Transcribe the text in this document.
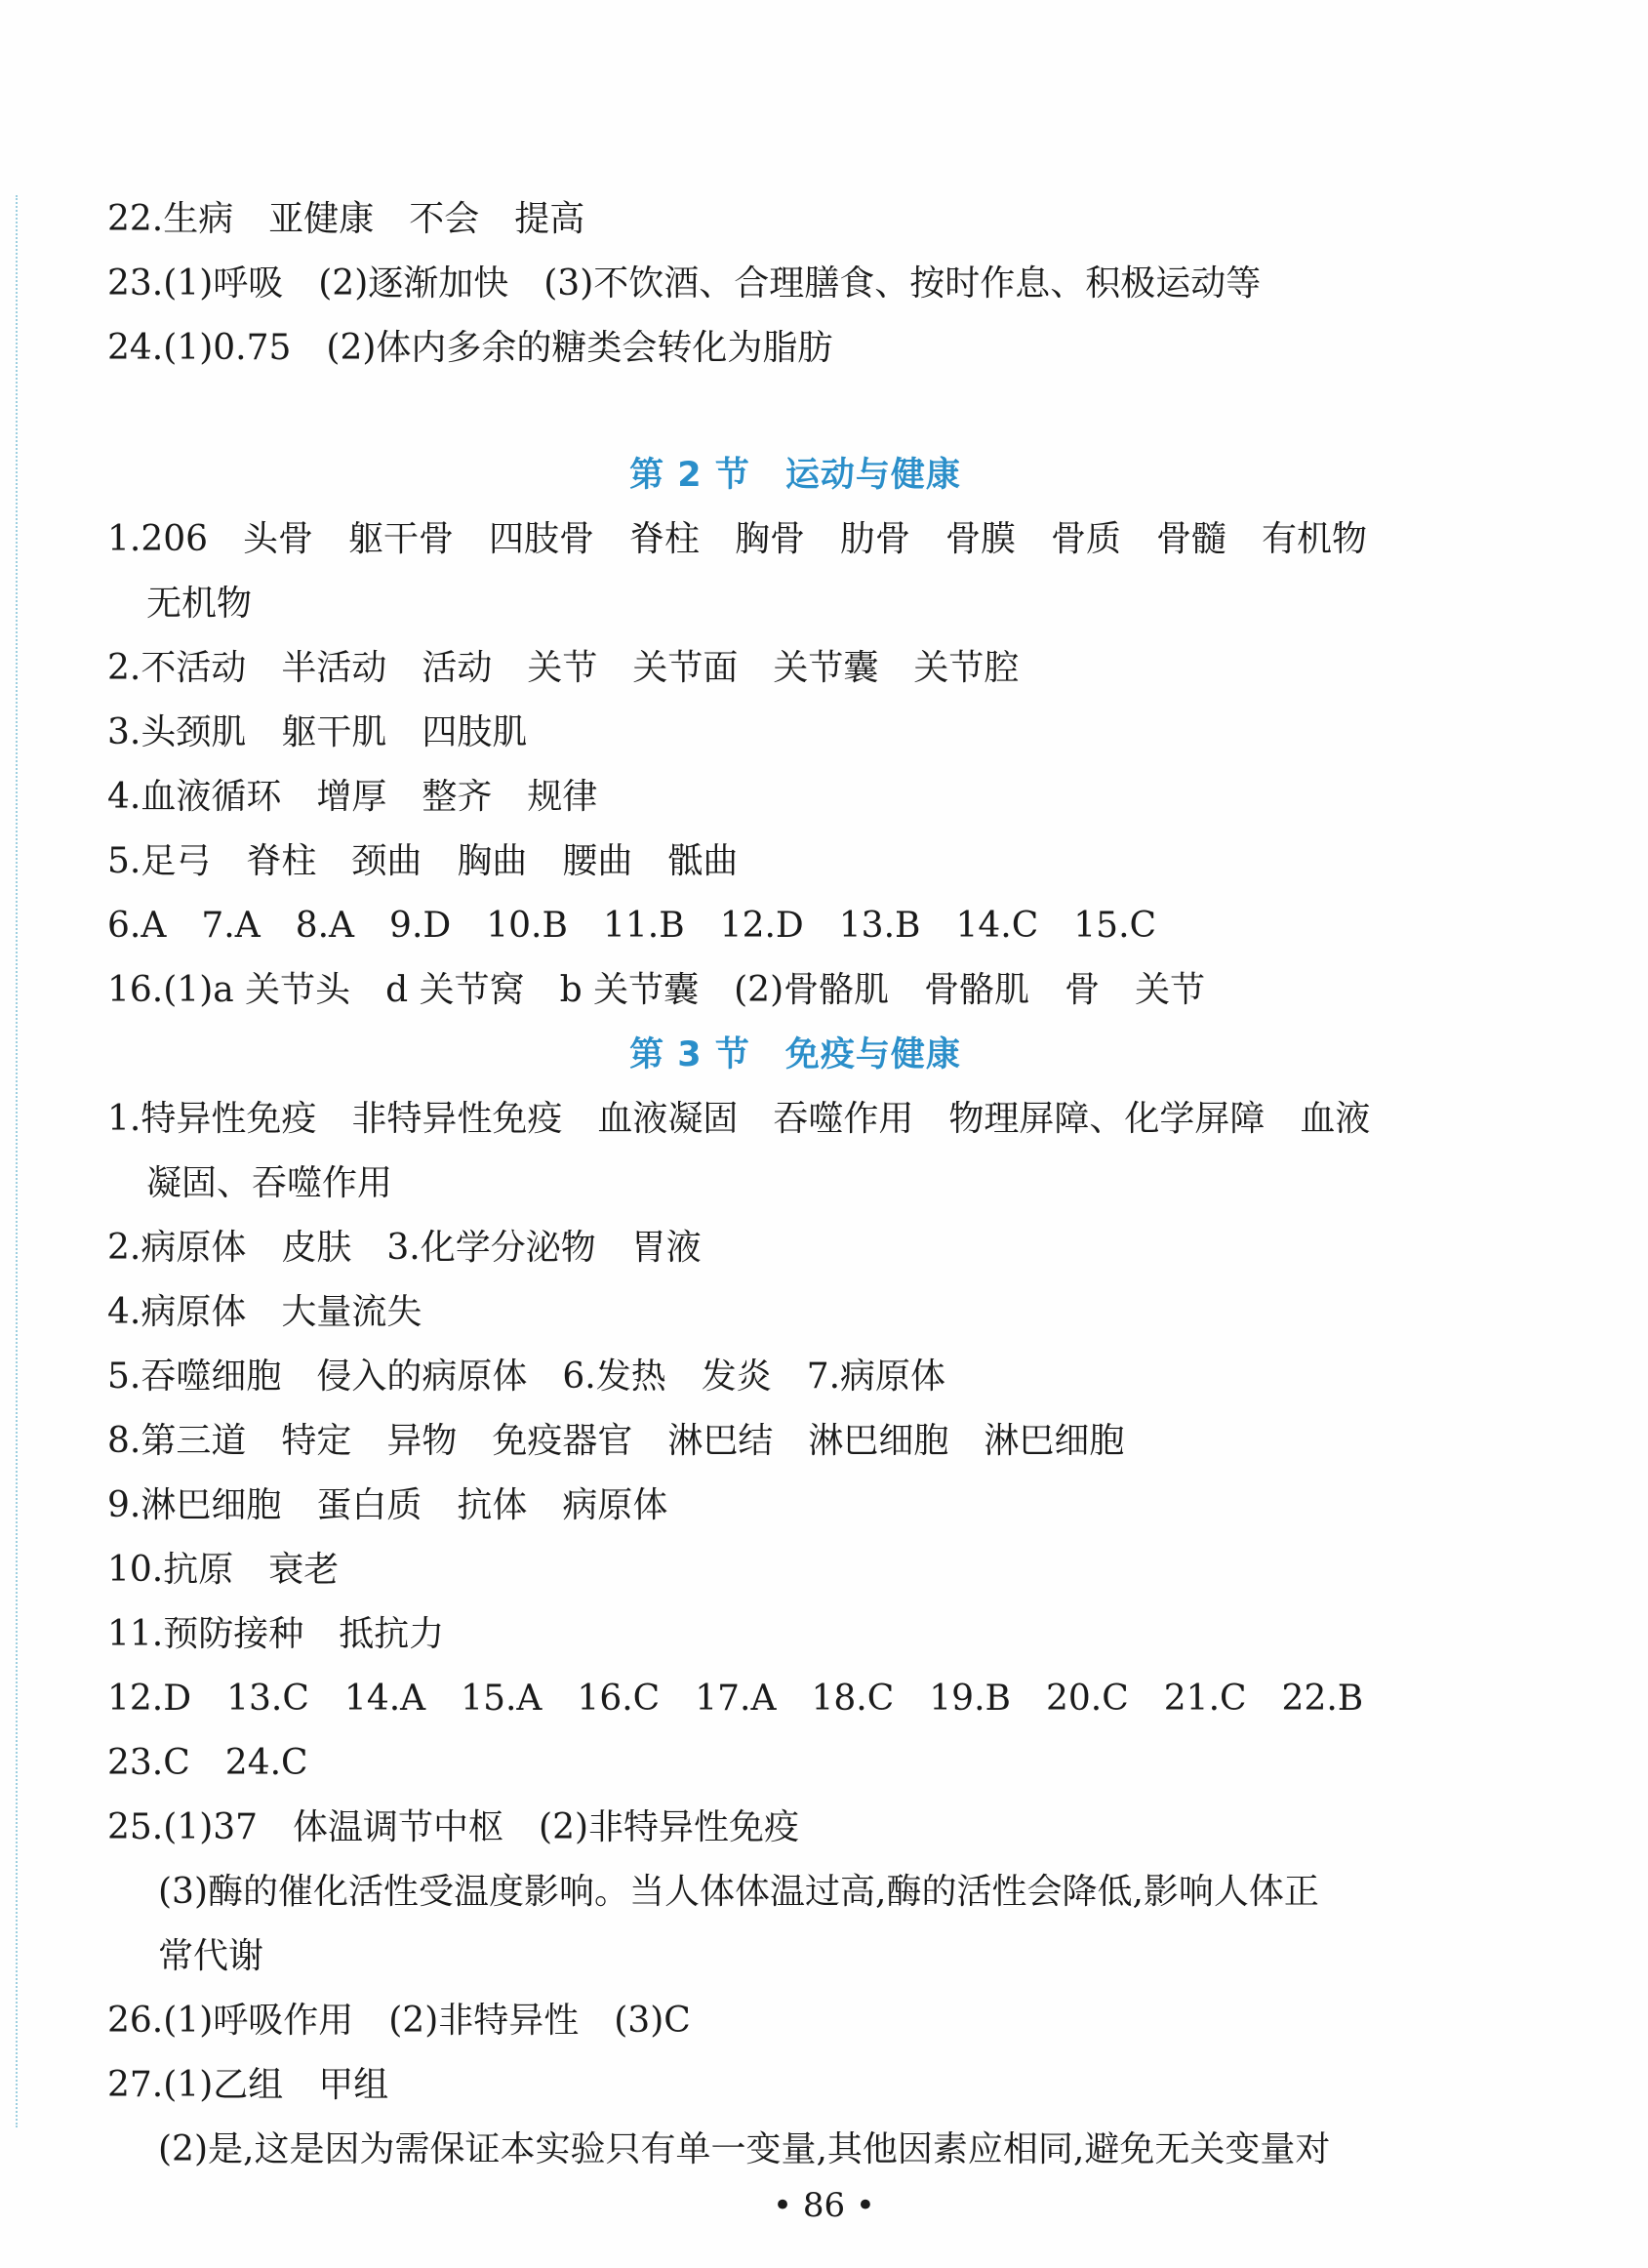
22.生病　亚健康　不会　提高
23.(1)呼吸　(2)逐渐加快　(3)不饮酒、合理膳食、按时作息、积极运动等
24.(1)0.75　(2)体内多余的糖类会转化为脂肪
第 2 节　运动与健康
1.206　头骨　躯干骨　四肢骨　脊柱　胸骨　肋骨　骨膜　骨质　骨髓　有机物
无机物
2.不活动　半活动　活动　关节　关节面　关节囊　关节腔
3.头颈肌　躯干肌　四肢肌
4.血液循环　增厚　整齐　规律
5.足弓　脊柱　颈曲　胸曲　腰曲　骶曲
6.A　7.A　8.A　9.D　10.B　11.B　12.D　13.B　14.C　15.C
16.(1)a 关节头　d 关节窝　b 关节囊　(2)骨骼肌　骨骼肌　骨　关节
第 3 节　免疫与健康
1.特异性免疫　非特异性免疫　血液凝固　吞噬作用　物理屏障、化学屏障　血液
凝固、吞噬作用
2.病原体　皮肤　3.化学分泌物　胃液
4.病原体　大量流失
5.吞噬细胞　侵入的病原体　6.发热　发炎　7.病原体
8.第三道　特定　异物　免疫器官　淋巴结　淋巴细胞　淋巴细胞
9.淋巴细胞　蛋白质　抗体　病原体
10.抗原　衰老
11.预防接种　抵抗力
12.D　13.C　14.A　15.A　16.C　17.A　18.C　19.B　20.C　21.C　22.B
23.C　24.C
25.(1)37　体温调节中枢　(2)非特异性免疫
(3)酶的催化活性受温度影响。当人体体温过高,酶的活性会降低,影响人体正
常代谢
26.(1)呼吸作用　(2)非特异性　(3)C
27.(1)乙组　甲组
(2)是,这是因为需保证本实验只有单一变量,其他因素应相同,避免无关变量对
• 86 •
